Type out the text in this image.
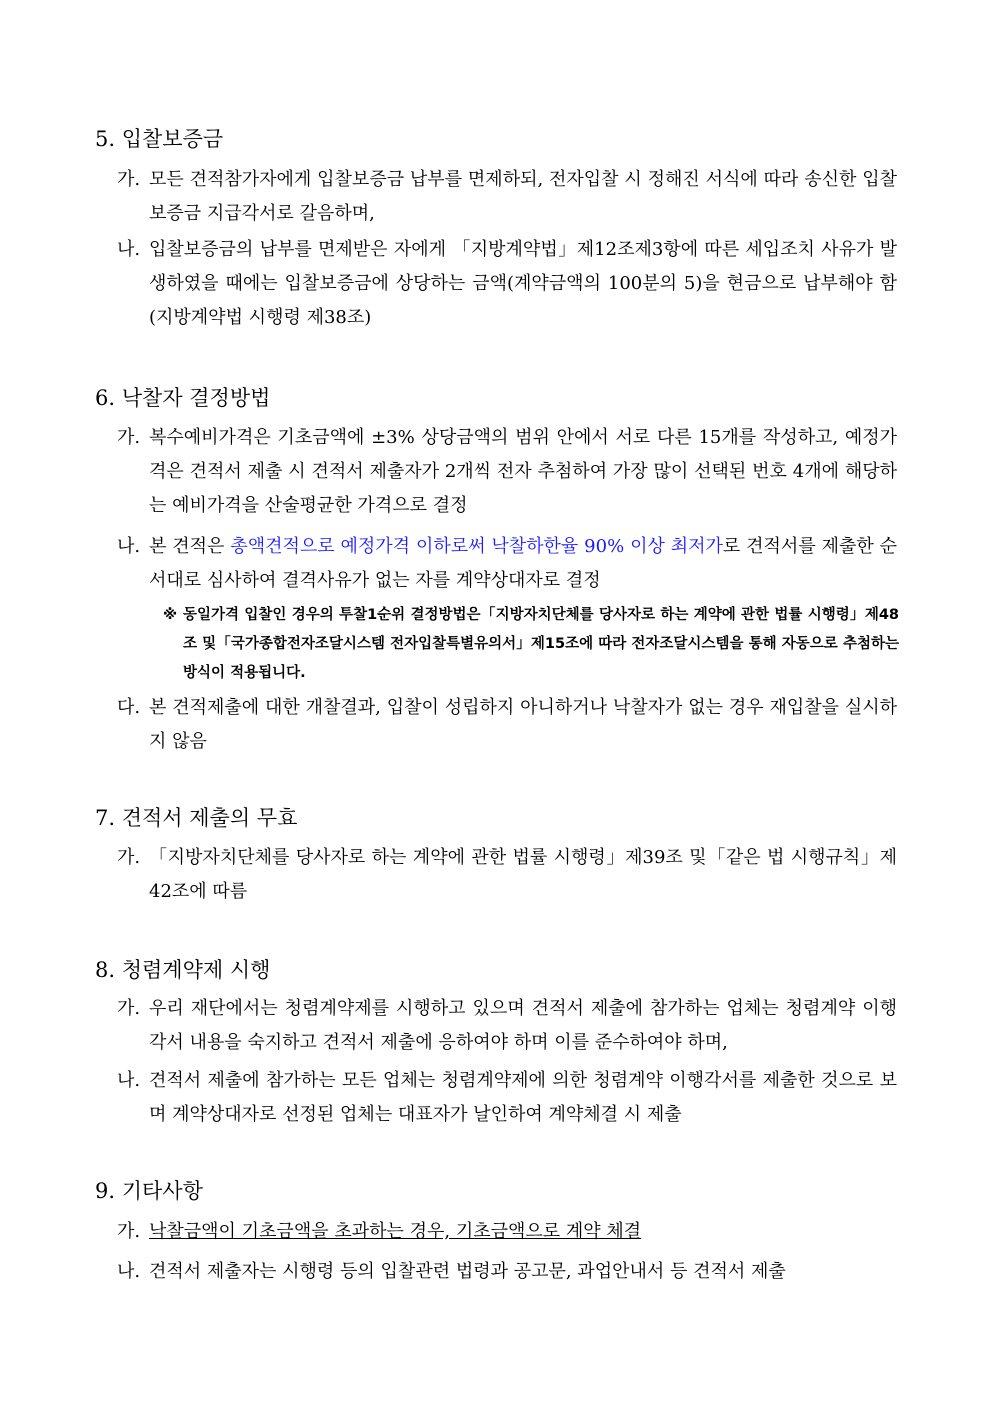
5. 입찰보증금
가. 모든 견적참가자에게 입찰보증금 납부를 면제하되, 전자입찰 시 정해진 서식에 따라 송신한 입찰보증금 지급각서로 갈음하며,
나. 입찰보증금의 납부를 면제받은 자에게 「지방계약법」제12조제3항에 따른 세입조치 사유가 발생하였을 때에는 입찰보증금에 상당하는 금액(계약금액의 100분의 5)을 현금으로 납부해야 함 (지방계약법 시행령 제38조)
6. 낙찰자 결정방법
가. 복수예비가격은 기초금액에 ±3% 상당금액의 범위 안에서 서로 다른 15개를 작성하고, 예정가격은 견적서 제출 시 견적서 제출자가 2개씩 전자 추첨하여 가장 많이 선택된 번호 4개에 해당하는 예비가격을 산술평균한 가격으로 결정
나. 본 견적은 총액견적으로 예정가격 이하로써 낙찰하한율 90% 이상 최저가로 견적서를 제출한 순서대로 심사하여 결격사유가 없는 자를 계약상대자로 결정
※ 동일가격 입찰인 경우의 투찰1순위 결정방법은「지방자치단체를 당사자로 하는 계약에 관한 법률 시행령」제48조 및「국가종합전자조달시스템 전자입찰특별유의서」제15조에 따라 전자조달시스템을 통해 자동으로 추첨하는 방식이 적용됩니다.
다. 본 견적제출에 대한 개찰결과, 입찰이 성립하지 아니하거나 낙찰자가 없는 경우 재입찰을 실시하지 않음
7. 견적서 제출의 무효
가. 「지방자치단체를 당사자로 하는 계약에 관한 법률 시행령」제39조 및「같은 법 시행규칙」제42조에 따름
8. 청렴계약제 시행
가. 우리 재단에서는 청렴계약제를 시행하고 있으며 견적서 제출에 참가하는 업체는 청렴계약 이행각서 내용을 숙지하고 견적서 제출에 응하여야 하며 이를 준수하여야 하며,
나. 견적서 제출에 참가하는 모든 업체는 청렴계약제에 의한 청렴계약 이행각서를 제출한 것으로 보며 계약상대자로 선정된 업체는 대표자가 날인하여 계약체결 시 제출
9. 기타사항
가. 낙찰금액이 기초금액을 초과하는 경우, 기초금액으로 계약 체결
나. 견적서 제출자는 시행령 등의 입찰관련 법령과 공고문, 과업안내서 등 견적서 제출
